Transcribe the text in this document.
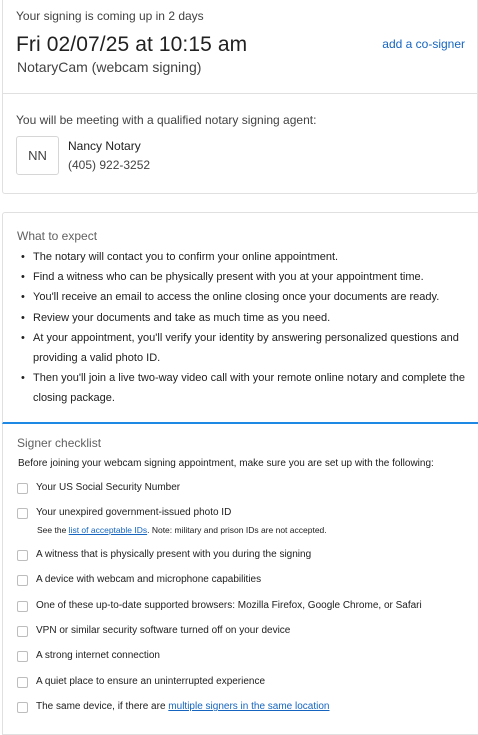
Your signing is coming up in 2 days
Fri 02/07/25 at 10:15 am
NotaryCam (webcam signing)
add a co-signer
You will be meeting with a qualified notary signing agent:
NN
Nancy Notary
(405) 922-3252
What to expect
• The notary will contact you to confirm your online appointment.
• Find a witness who can be physically present with you at your appointment time.
• You'll receive an email to access the online closing once your documents are ready.
• Review your documents and take as much time as you need.
• At your appointment, you'll verify your identity by answering personalized questions and providing a valid photo ID.
• Then you'll join a live two-way video call with your remote online notary and complete the closing package.
Signer checklist
Before joining your webcam signing appointment, make sure you are set up with the following:
Your US Social Security Number
Your unexpired government-issued photo ID
See the list of acceptable IDs. Note: military and prison IDs are not accepted.
A witness that is physically present with you during the signing
A device with webcam and microphone capabilities
One of these up-to-date supported browsers: Mozilla Firefox, Google Chrome, or Safari
VPN or similar security software turned off on your device
A strong internet connection
A quiet place to ensure an uninterrupted experience
The same device, if there are multiple signers in the same location
